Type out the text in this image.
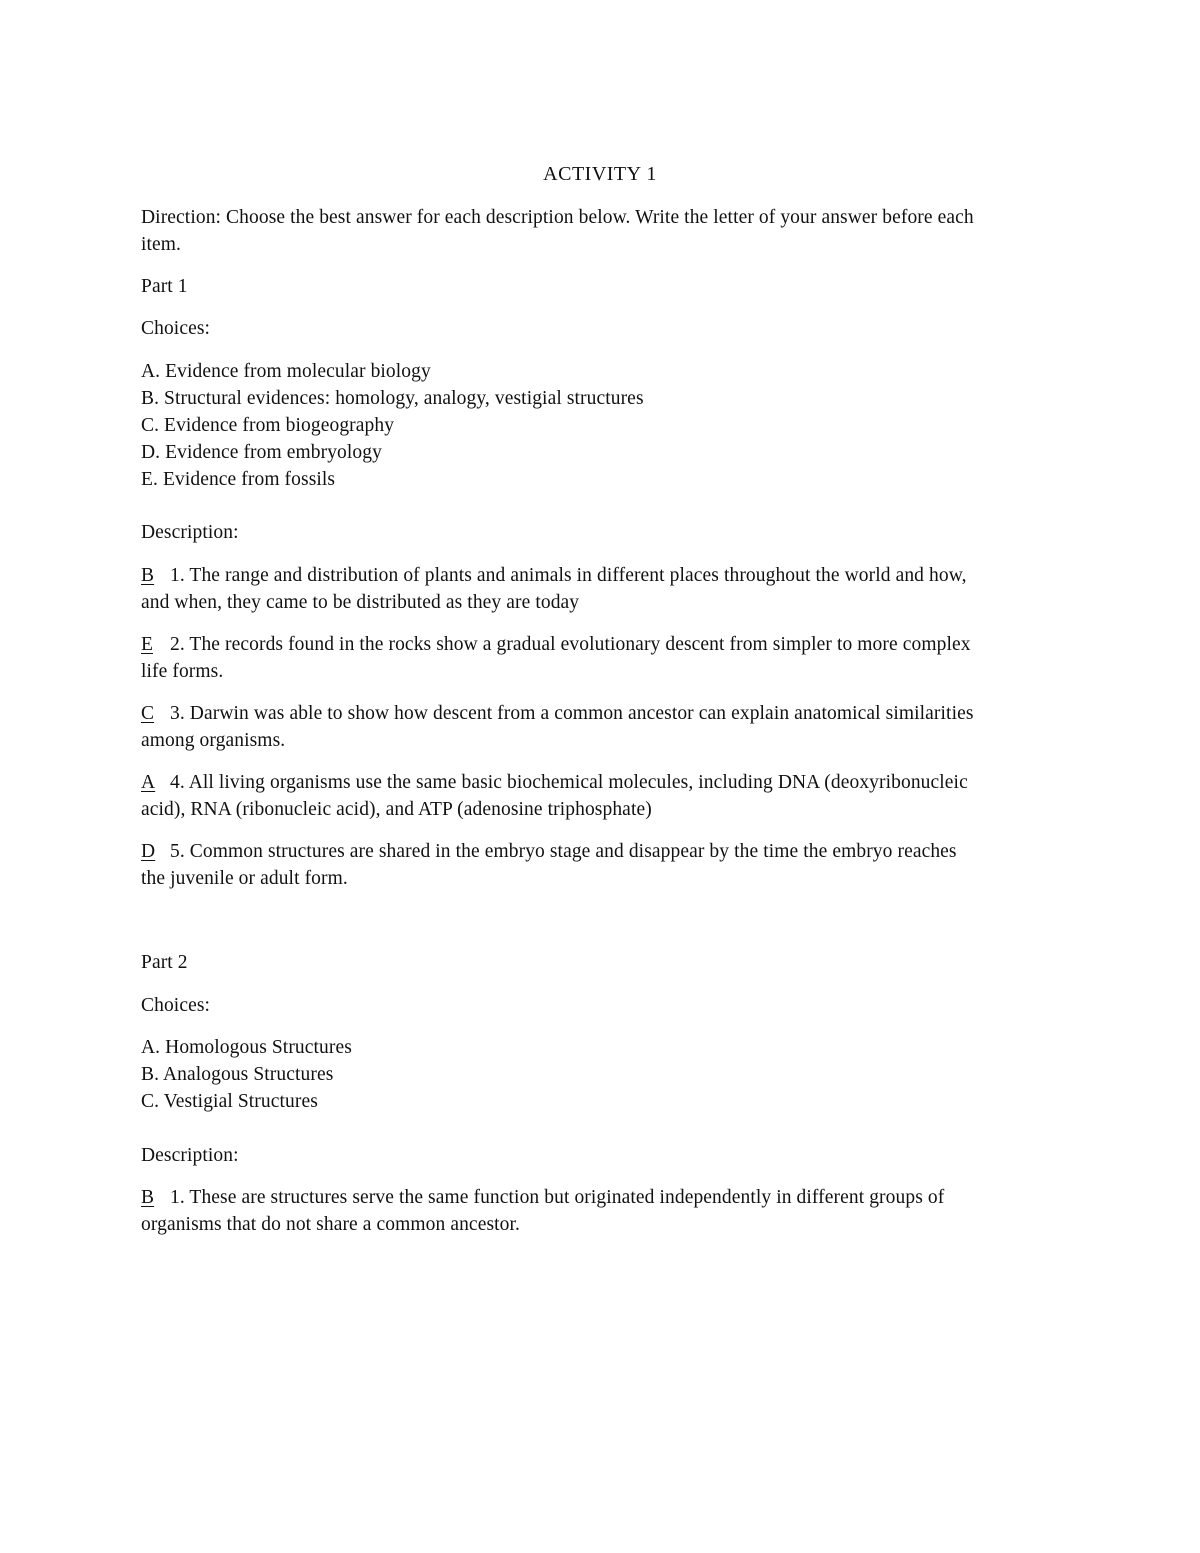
ACTIVITY 1
Direction: Choose the best answer for each description below. Write the letter of your answer before each
item.
Part 1
Choices:
A. Evidence from molecular biology
B. Structural evidences: homology, analogy, vestigial structures
C. Evidence from biogeography
D. Evidence from embryology
E. Evidence from fossils
Description:
B 1. The range and distribution of plants and animals in different places throughout the world and how,
and when, they came to be distributed as they are today
E 2. The records found in the rocks show a gradual evolutionary descent from simpler to more complex
life forms.
C 3. Darwin was able to show how descent from a common ancestor can explain anatomical similarities
among organisms.
A 4. All living organisms use the same basic biochemical molecules, including DNA (deoxyribonucleic
acid), RNA (ribonucleic acid), and ATP (adenosine triphosphate)
D 5. Common structures are shared in the embryo stage and disappear by the time the embryo reaches
the juvenile or adult form.
Part 2
Choices:
A. Homologous Structures
B. Analogous Structures
C. Vestigial Structures
Description:
B 1. These are structures serve the same function but originated independently in different groups of
organisms that do not share a common ancestor.
